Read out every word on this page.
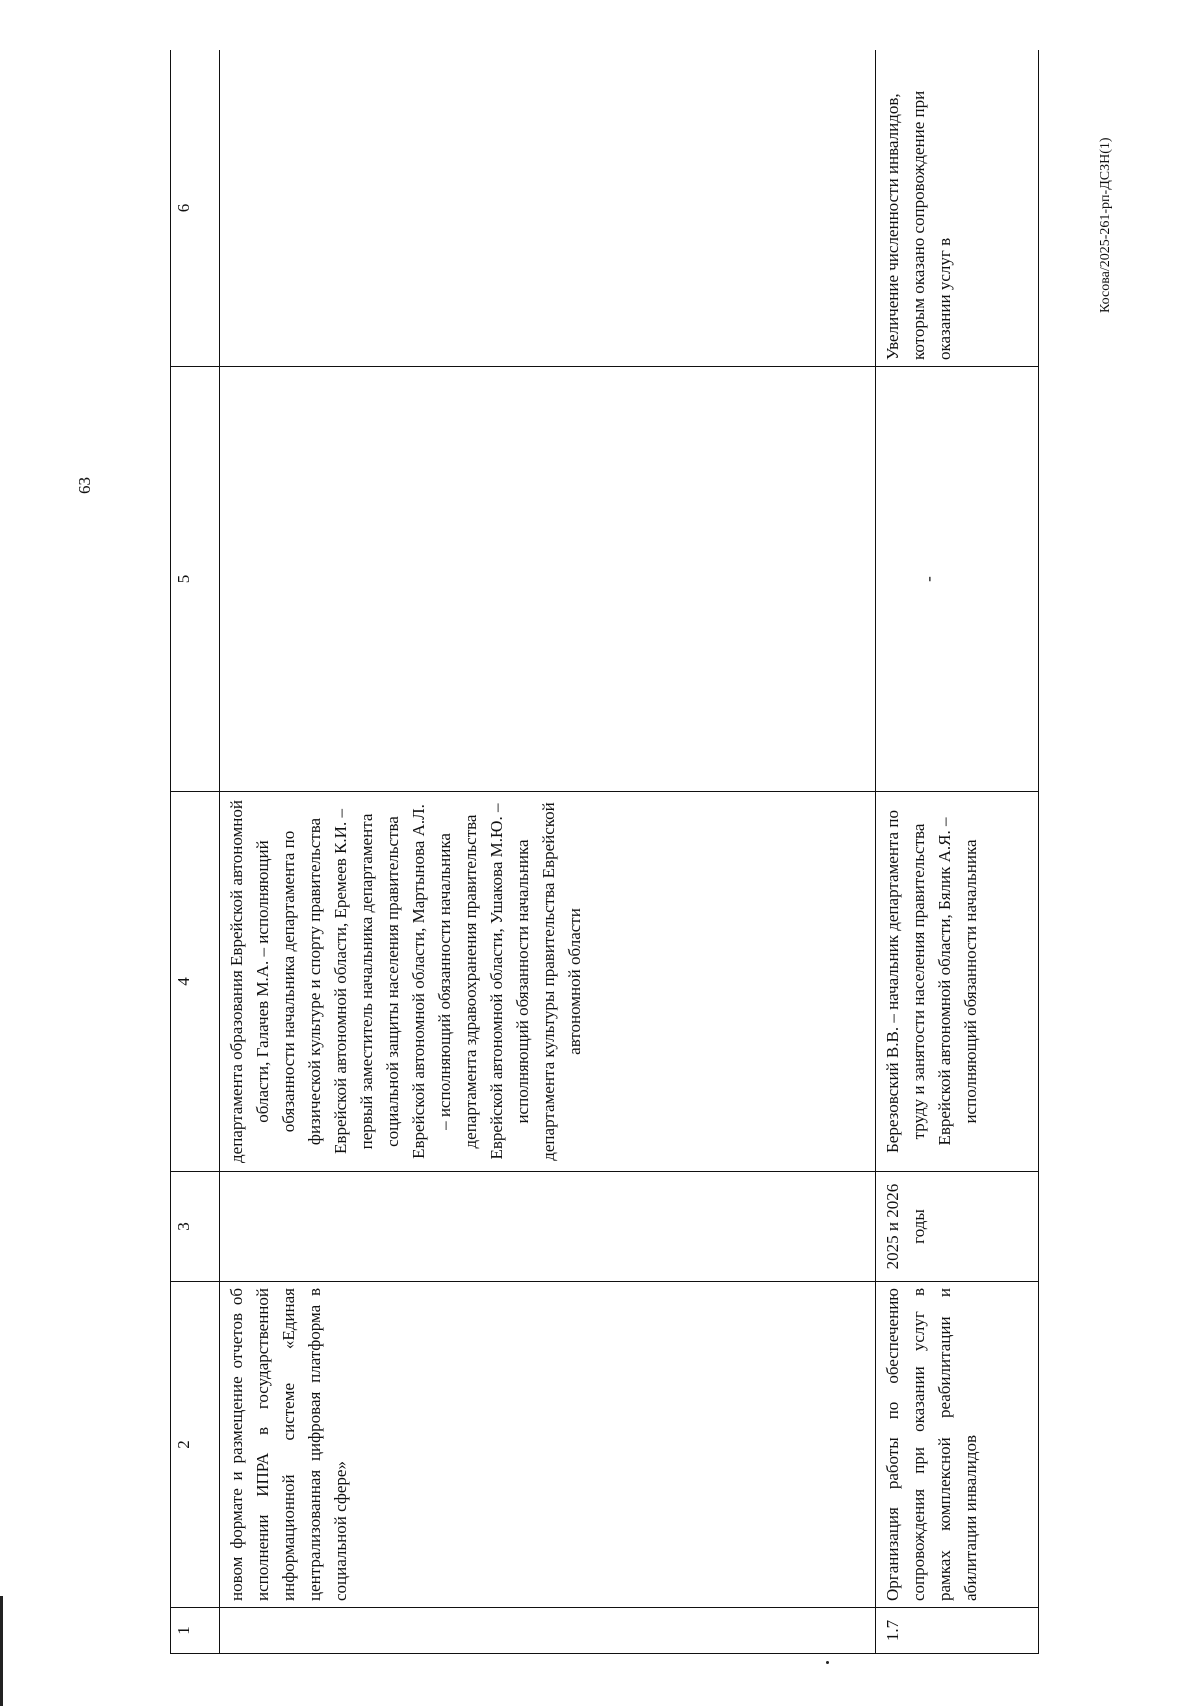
63
Косова/2025-261-рп-ДСЗН(1)
1	2	3	4	5	6

	новом формате и размещение отчетов об исполнении ИПРА в государственной информационной системе «Единая централизованная цифровая платформа в социальной сфере»		департамента образования Еврейской автономной области, Галачев М.А. – исполняющий обязанности начальника департамента по физической культуре и спорту правительства Еврейской автономной области, Еремеев К.И. – первый заместитель начальника департамента социальной защиты населения правительства Еврейской автономной области, Мартынова А.Л. – исполняющий обязанности начальника департамента здравоохранения правительства Еврейской автономной области, Ушакова М.Ю. – исполняющий обязанности начальника департамента культуры правительства Еврейской автономной области		

1.7	Организация работы по обеспечению сопровождения при оказании услуг в рамках комплексной реабилитации и абилитации инвалидов	2025 и 2026 годы	Березовский В.В. – начальник департамента по труду и занятости населения правительства Еврейской автономной области, Бялик А.Я. – исполняющий обязанности начальника	-	Увеличение численности инвалидов, которым оказано сопровождение при оказании услуг в
